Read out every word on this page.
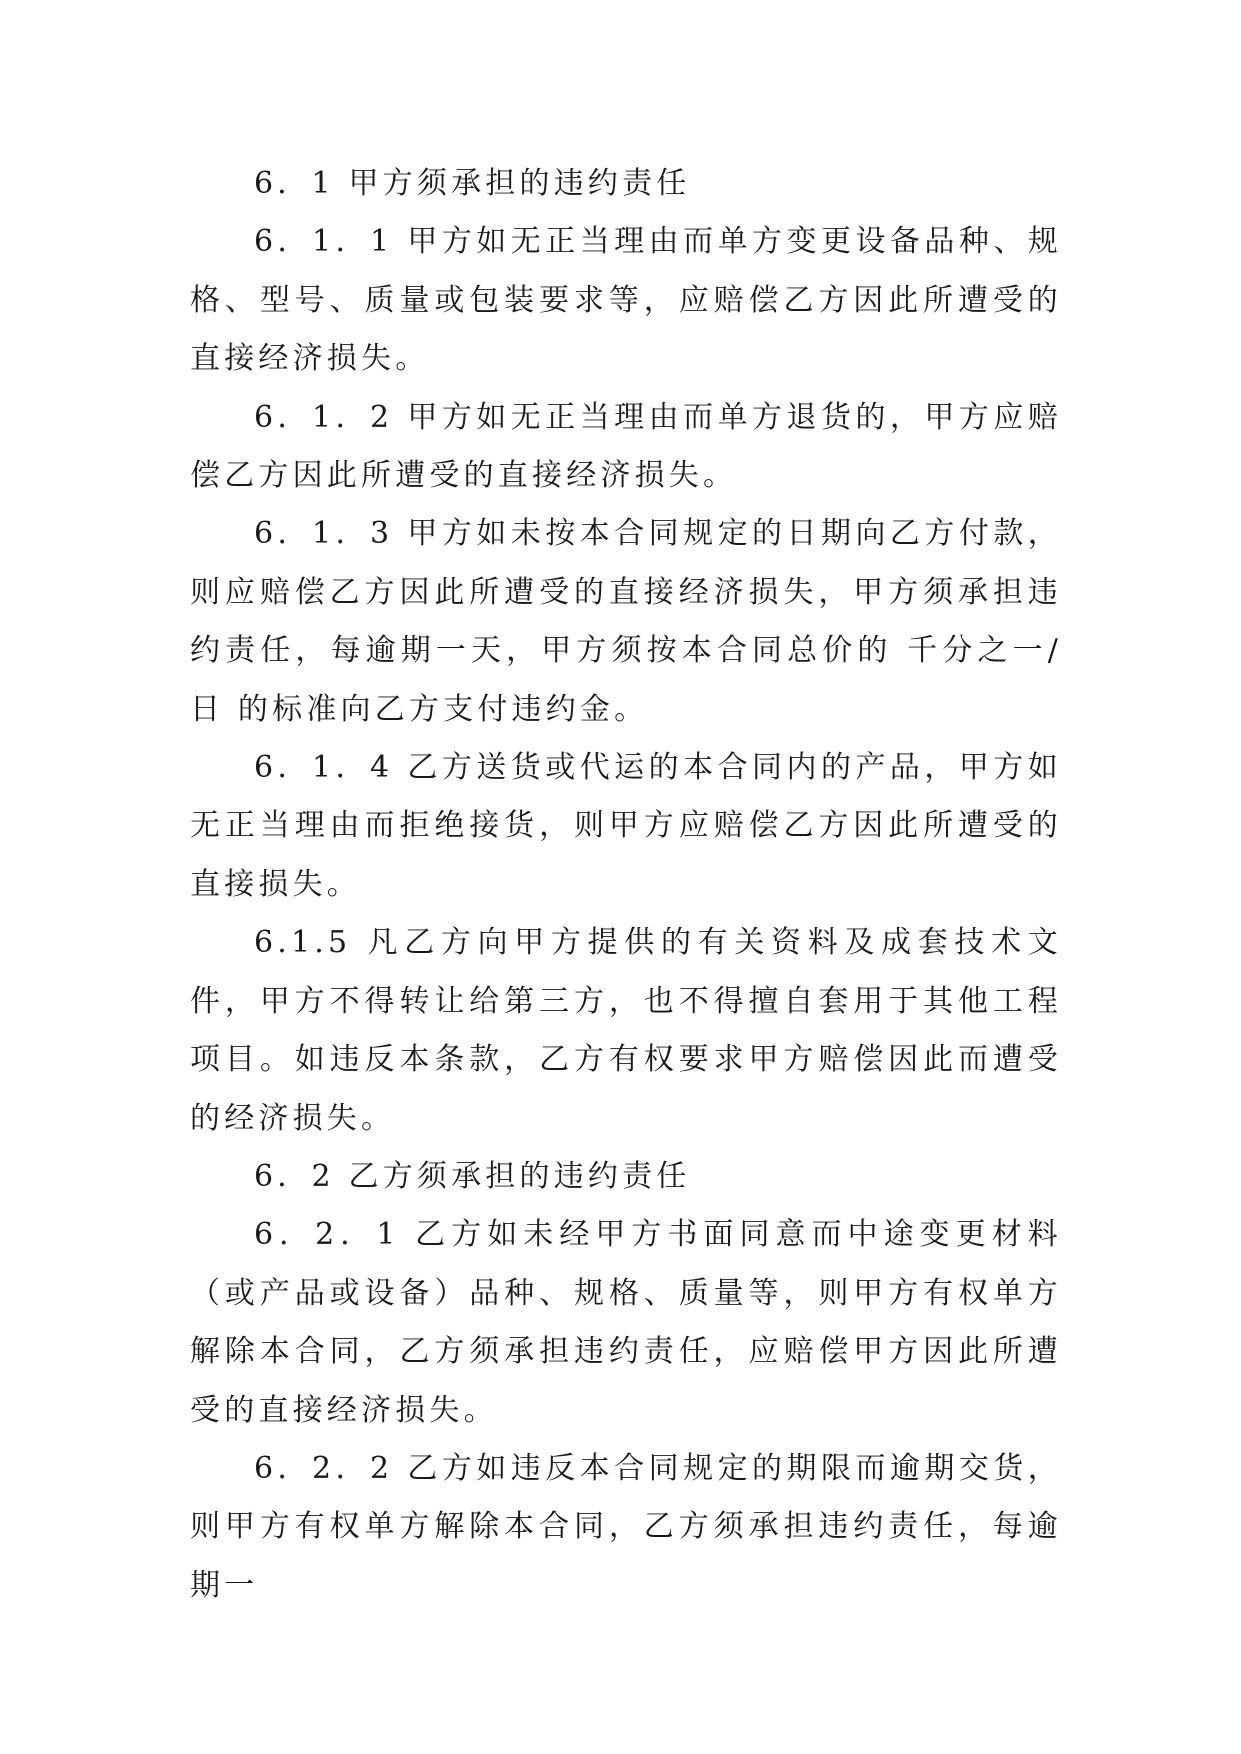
6．1 甲方须承担的违约责任

6．1．1 甲方如无正当理由而单方变更设备品种、规格、型号、质量或包装要求等，应赔偿乙方因此所遭受的直接经济损失。

6．1．2 甲方如无正当理由而单方退货的，甲方应赔偿乙方因此所遭受的直接经济损失。

6．1．3 甲方如未按本合同规定的日期向乙方付款，则应赔偿乙方因此所遭受的直接经济损失，甲方须承担违约责任，每逾期一天，甲方须按本合同总价的 千分之一/日 的标准向乙方支付违约金。

6．1．4 乙方送货或代运的本合同内的产品，甲方如无正当理由而拒绝接货，则甲方应赔偿乙方因此所遭受的直接损失。

6.1.5 凡乙方向甲方提供的有关资料及成套技术文件，甲方不得转让给第三方，也不得擅自套用于其他工程项目。如违反本条款，乙方有权要求甲方赔偿因此而遭受的经济损失。

6．2 乙方须承担的违约责任

6．2．1 乙方如未经甲方书面同意而中途变更材料（或产品或设备）品种、规格、质量等，则甲方有权单方解除本合同，乙方须承担违约责任，应赔偿甲方因此所遭受的直接经济损失。

6．2．2 乙方如违反本合同规定的期限而逾期交货，则甲方有权单方解除本合同，乙方须承担违约责任，每逾期一
